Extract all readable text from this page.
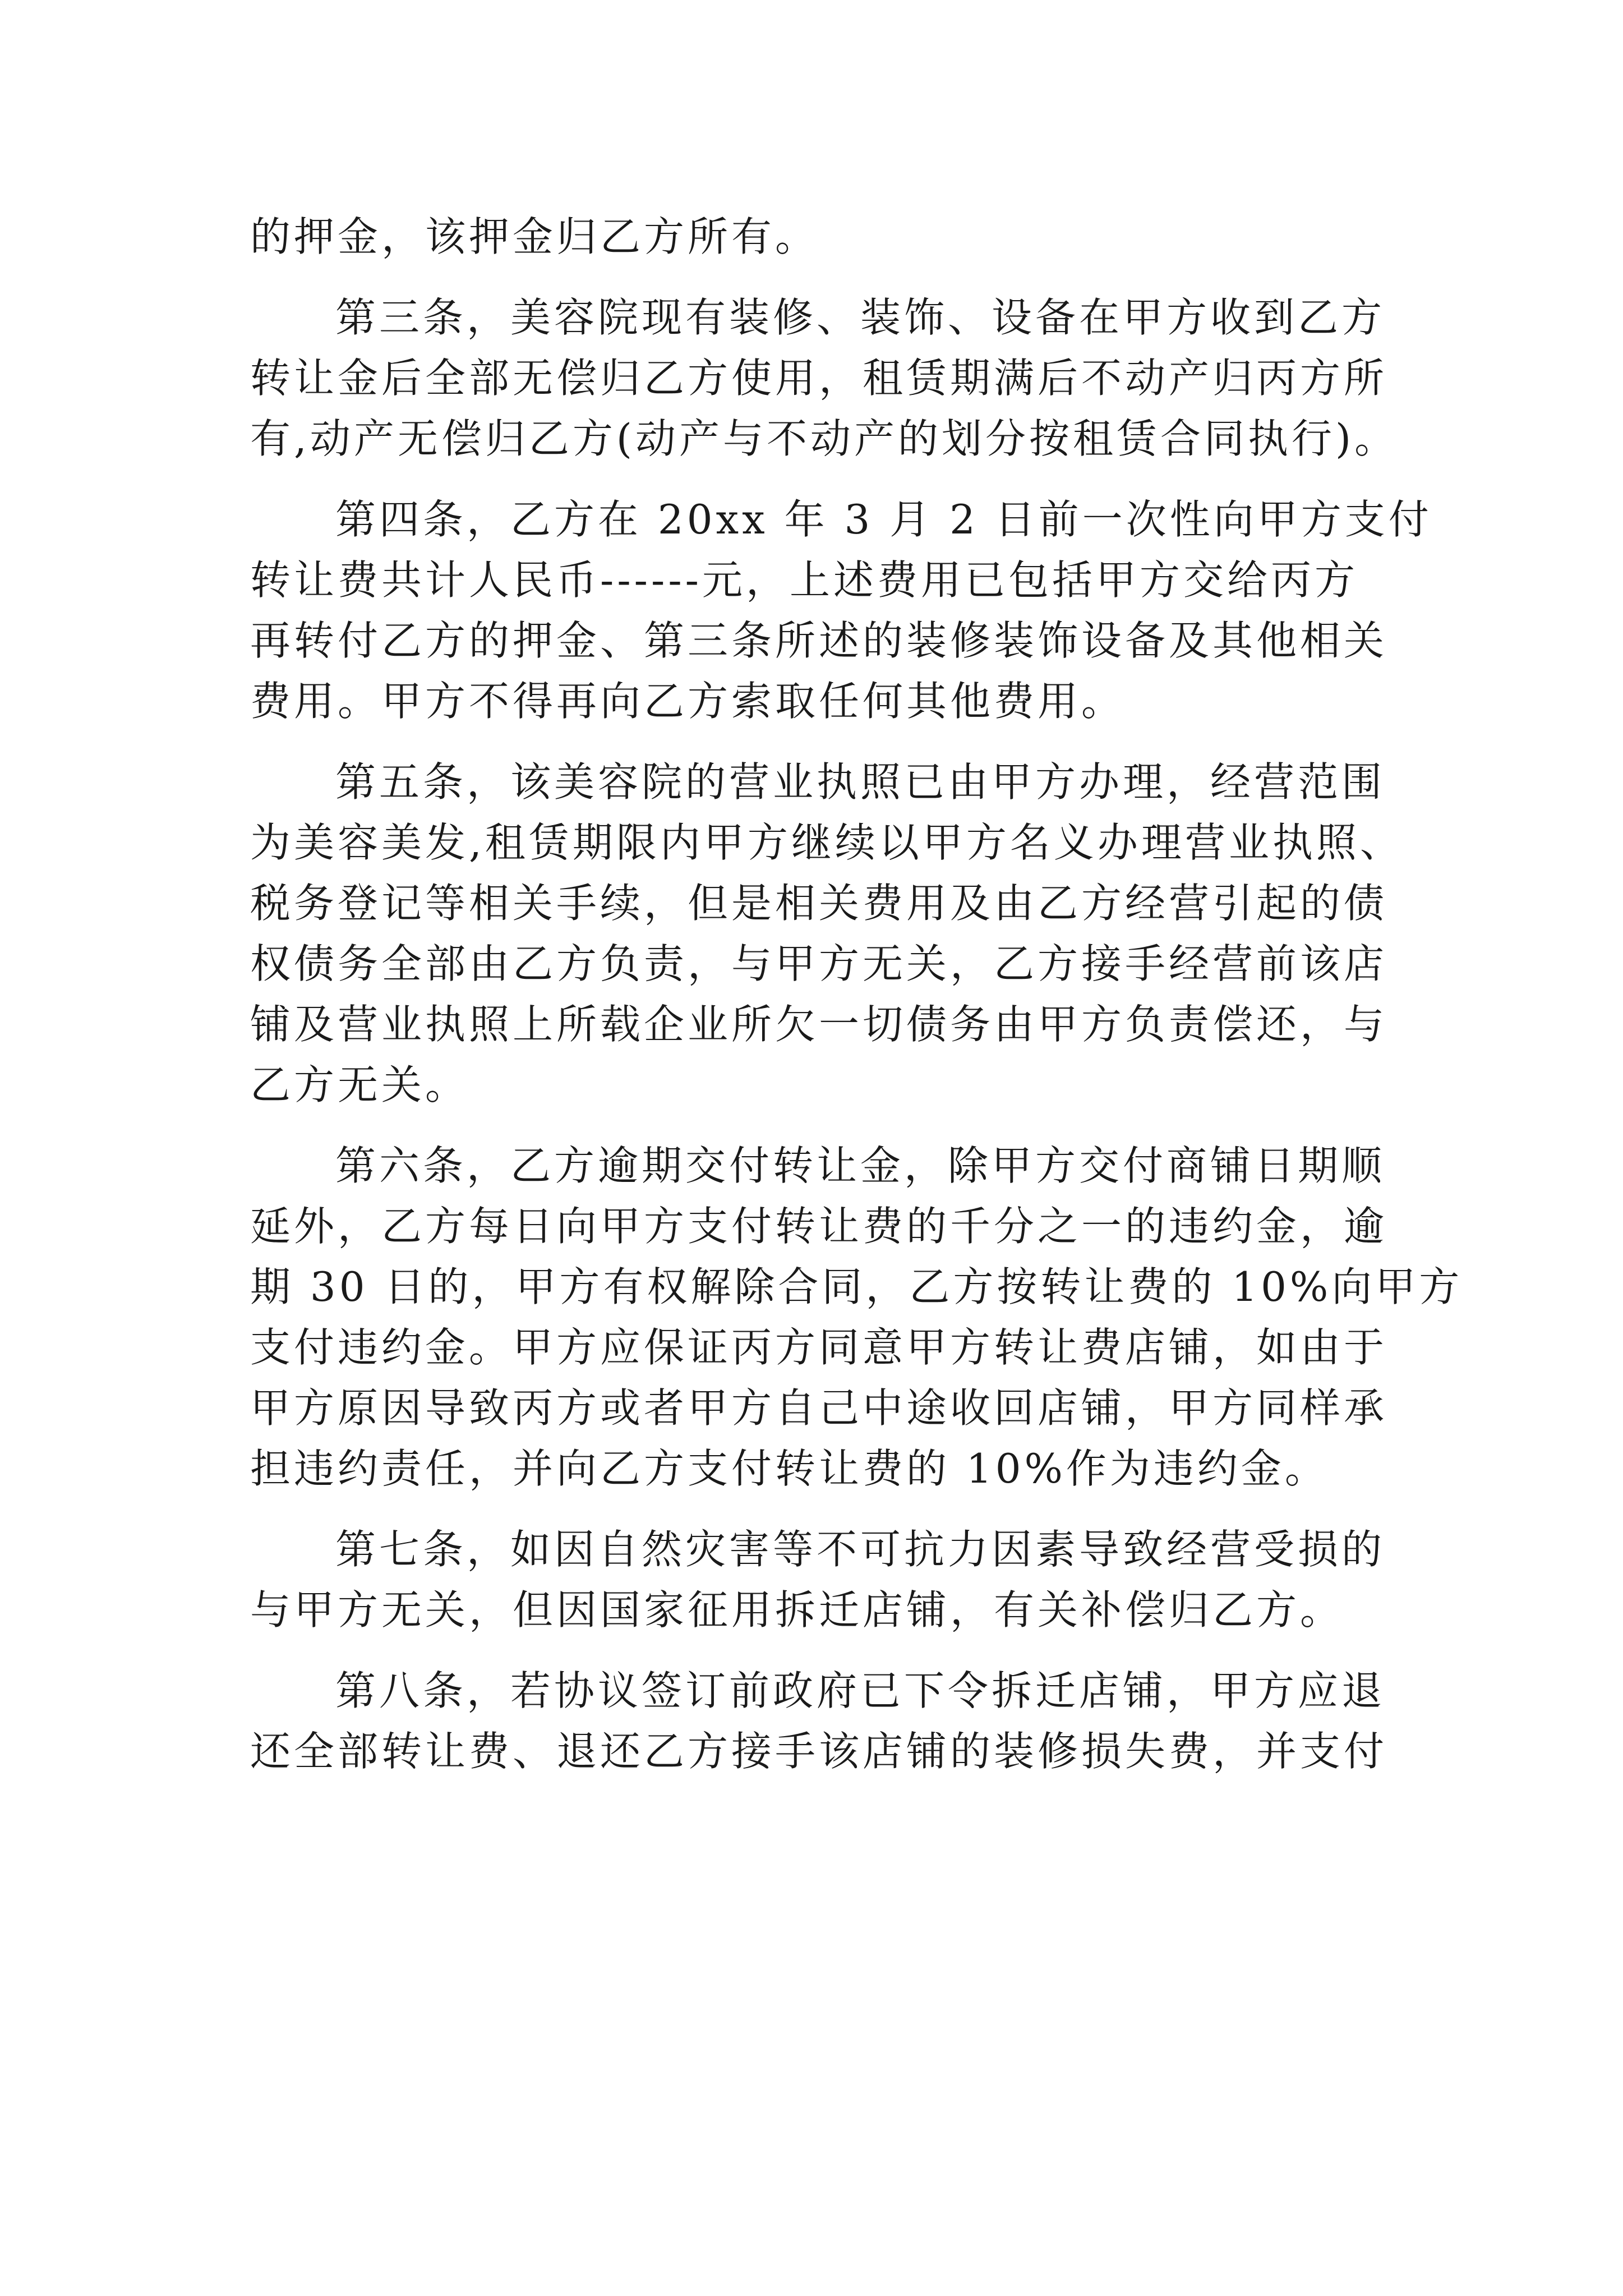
的押金，该押金归乙方所有。
第三条，美容院现有装修、装饰、设备在甲方收到乙方
转让金后全部无偿归乙方使用，租赁期满后不动产归丙方所
有,动产无偿归乙方(动产与不动产的划分按租赁合同执行)。
第四条，乙方在 20xx 年 3 月 2 日前一次性向甲方支付
转让费共计人民币------元，上述费用已包括甲方交给丙方
再转付乙方的押金、第三条所述的装修装饰设备及其他相关
费用。甲方不得再向乙方索取任何其他费用。
第五条，该美容院的营业执照已由甲方办理，经营范围
为美容美发,租赁期限内甲方继续以甲方名义办理营业执照、
税务登记等相关手续，但是相关费用及由乙方经营引起的债
权债务全部由乙方负责，与甲方无关，乙方接手经营前该店
铺及营业执照上所载企业所欠一切债务由甲方负责偿还，与
乙方无关。
第六条，乙方逾期交付转让金，除甲方交付商铺日期顺
延外，乙方每日向甲方支付转让费的千分之一的违约金，逾
期 30 日的，甲方有权解除合同，乙方按转让费的 10%向甲方
支付违约金。甲方应保证丙方同意甲方转让费店铺，如由于
甲方原因导致丙方或者甲方自己中途收回店铺，甲方同样承
担违约责任，并向乙方支付转让费的 10%作为违约金。
第七条，如因自然灾害等不可抗力因素导致经营受损的
与甲方无关，但因国家征用拆迁店铺，有关补偿归乙方。
第八条，若协议签订前政府已下令拆迁店铺，甲方应退
还全部转让费、退还乙方接手该店铺的装修损失费，并支付
